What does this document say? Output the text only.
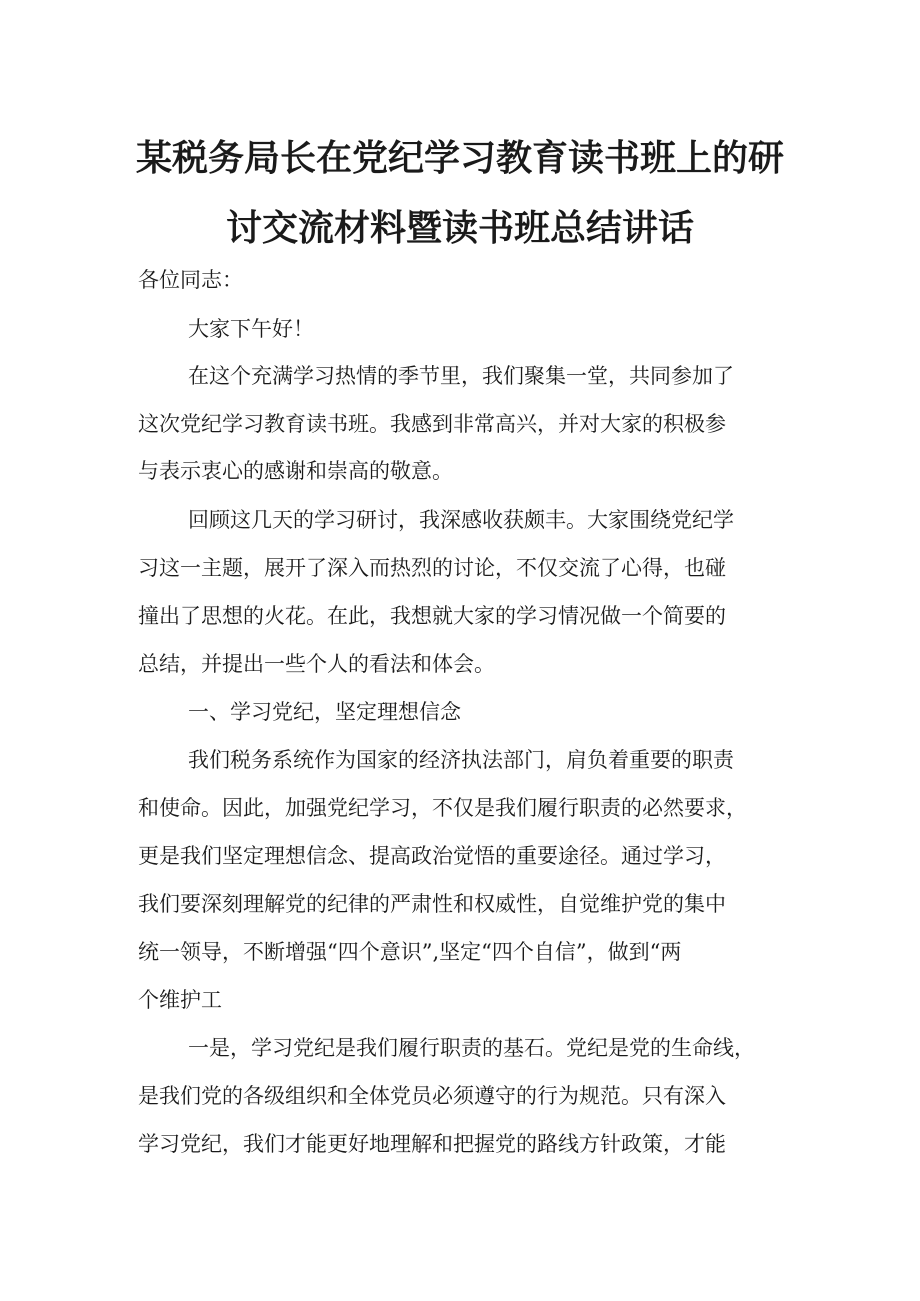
某税务局长在党纪学习教育读书班上的研
讨交流材料暨读书班总结讲话
各位同志：
大家下午好！
在这个充满学习热情的季节里，我们聚集一堂，共同参加了
这次党纪学习教育读书班。我感到非常高兴，并对大家的积极参
与表示衷心的感谢和崇高的敬意。
回顾这几天的学习研讨，我深感收获颇丰。大家围绕党纪学
习这一主题，展开了深入而热烈的讨论，不仅交流了心得，也碰
撞出了思想的火花。在此，我想就大家的学习情况做一个简要的
总结，并提出一些个人的看法和体会。
一、学习党纪，坚定理想信念
我们税务系统作为国家的经济执法部门，肩负着重要的职责
和使命。因此，加强党纪学习，不仅是我们履行职责的必然要求，
更是我们坚定理想信念、提高政治觉悟的重要途径。通过学习，
我们要深刻理解党的纪律的严肃性和权威性，自觉维护党的集中
统一领导，不断增强“四个意识”,坚定“四个自信”，做到“两
个维护工
一是，学习党纪是我们履行职责的基石。党纪是党的生命线，
是我们党的各级组织和全体党员必须遵守的行为规范。只有深入
学习党纪，我们才能更好地理解和把握党的路线方针政策，才能
